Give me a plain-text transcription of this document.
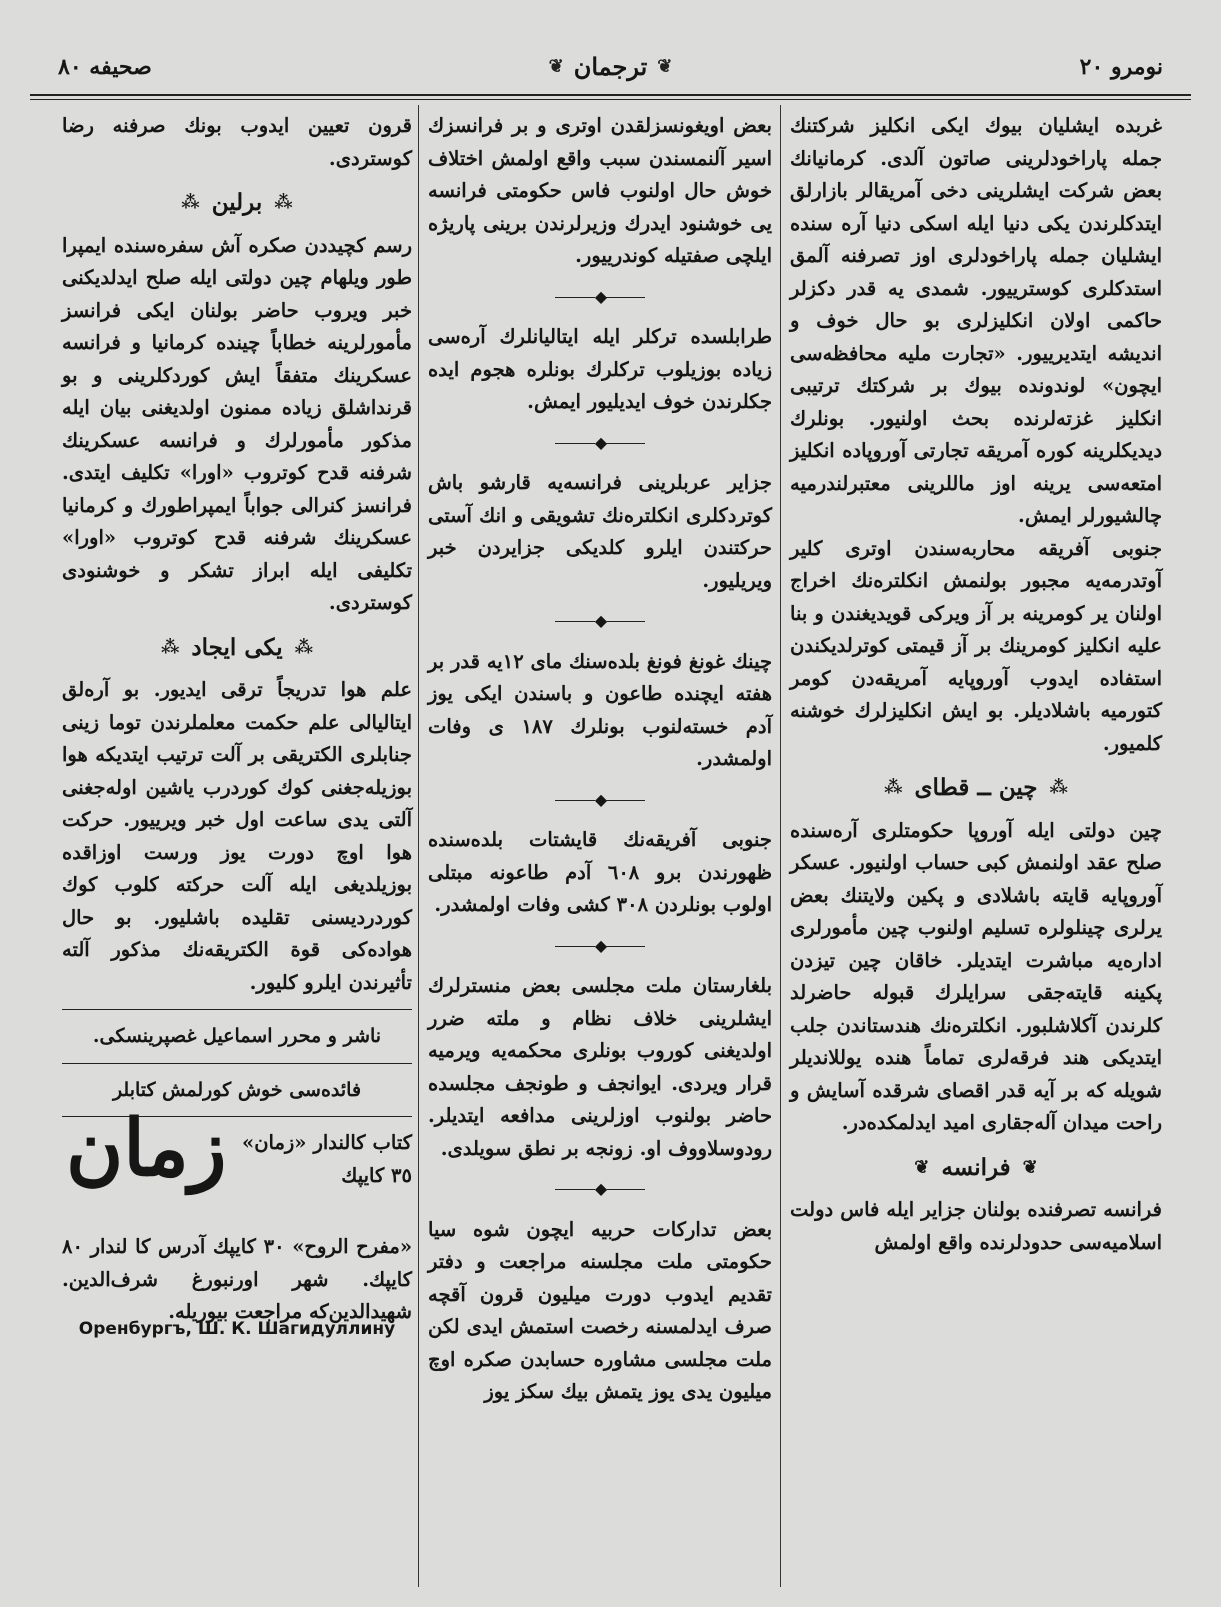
نومرو ٢٠
❦
ترجمان
❦
صحيفه ٨٠

غربده ايشليان بيوك ايكى انكليز شركتنك جمله پاراخودلرينى صاتون آلدى. كرمانيانك بعض شركت ايشلرينى دخى آمريقالر بازارلق ايتدكلرندن يكى دنيا ايله اسكى دنيا آره سنده ايشليان جمله پاراخودلرى اوز تصرفنه آلمق استدكلرى كوسترييور. شمدى يه قدر دكزلر حاكمى اولان انكليزلرى بو حال خوف و انديشه ايتديرييور. «تجارت مليه محافظه‌سى ايچون» لوندونده بيوك بر شركتك ترتيبى انكليز غزته‌لرنده بحث اولنيور. بونلرك ديديكلرينه كوره آمريقه تجارتى آوروپاده انكليز امتعه‌سى يرينه اوز ماللرينى معتبرلندرميه چالشيورلر ايمش.

جنوبى آفريقه محاربه‌سندن اوترى كلير آوتدرمه‌يه مجبور بولنمش انكلتره‌نك اخراج اولنان ير كومرينه بر آز ويركى قويديغندن و بنا عليه انكليز كومرينك بر آز قيمتى كوترلديكندن استفاده ايدوب آوروپايه آمريقه‌دن كومر كتورميه باشلاديلر. بو ايش انكليزلرك خوشنه كلميور.

⁂
چين ــ قطاى
⁂

چين دولتى ايله آوروپا حكومتلرى آره‌سنده صلح عقد اولنمش كبى حساب اولنيور. عسكر آوروپايه قايته باشلادى و پكين ولايتنك بعض يرلرى چينلولره تسليم اولنوب چين مأمورلرى اداره‌يه مباشرت ايتديلر. خاقان چين تيزدن پكينه قايته‌جقى سرايلرك قبوله حاضرلد كلرندن آكلاشلبور. انكلتره‌نك هندستاندن جلب ايتديكى هند فرقه‌لرى تماماً هنده يوللانديلر شويله كه بر آيه قدر اقصاى شرقده آسايش و راحت ميدان آله‌جقارى اميد ايدلمكده‌در.

❦
فرانسه
❦

فرانسه تصرفنده بولنان جزاير ايله فاس دولت اسلاميه‌سى حدودلرنده واقع اولمش

بعض اويغونسزلقدن اوترى و بر فرانسزك اسير آلنمسندن سبب واقع اولمش اختلاف خوش حال اولنوب فاس حكومتى فرانسه يى خوشنود ايدرك وزيرلرندن برينى پاريژه ايلچى صفتيله كوندرييور.

◆

طرابلسده تركلر ايله ايتاليانلرك آره‌سى زياده بوزيلوب تركلرك بونلره هجوم ايده جكلرندن خوف ايديليور ايمش.

◆

جزاير عربلرينى فرانسه‌يه قارشو باش كوتردكلرى انكلتره‌نك تشويقى و انك آستى حركتندن ايلرو كلديكى جزايردن خبر ويريليور.

◆

چينك غونغ فونغ بلده‌سنك ماى ١٢يه قدر بر هفته ايچنده طاعون و باسندن ايكى يوز آدم خسته‌لنوب بونلرك ١٨٧ ى وفات اولمشدر.

◆

جنوبى آفريقه‌نك قايشتات بلده‌سنده ظهورندن برو ٦٠٨ آدم طاعونه مبتلى اولوب بونلردن ٣٠٨ كشى وفات اولمشدر.

◆

بلغارستان ملت مجلسى بعض منسترلرك ايشلرينى خلاف نظام و ملته ضرر اولديغنى كوروب بونلرى محكمه‌يه ويرميه قرار ويردى. ايوانجف و طونجف مجلسده حاضر بولنوب اوزلرينى مدافعه ايتديلر. رودوسلاووف او. زونجه بر نطق سويلدى.

◆

بعض تداركات حربيه ايچون شوه سيا حكومتى ملت مجلسنه مراجعت و دفتر تقديم ايدوب دورت ميليون قرون آقچه صرف ايدلمسنه رخصت استمش ايدى لكن ملت مجلسى مشاوره حسابدن صكره اوچ ميليون يدى يوز يتمش بيك سكز يوز

قرون تعيين ايدوب بونك صرفنه رضا كوستردى.

⁂
برلين
⁂

رسم كچيددن صكره آش سفره‌سنده ايمپرا طور ويلهام چين دولتى ايله صلح ايدلديكنى خبر ويروب حاضر بولنان ايكى فرانسز مأمورلرينه خطاباً چينده كرمانيا و فرانسه عسكرينك متفقاً ايش كوردكلرينى و بو قرنداشلق زياده ممنون اولديغنى بيان ايله مذكور مأمورلرك و فرانسه عسكرينك شرفنه قدح كوتروب «اورا» تكليف ايتدى. فرانسز كنرالى جواباً ايمپراطورك و كرمانيا عسكرينك شرفنه قدح كوتروب «اورا» تكليفى ايله ابراز تشكر و خوشنودى كوستردى.

⁂
يكى ايجاد
⁂

علم هوا تدريجاً ترقى ايديور. بو آره‌لق ايتاليالى علم حكمت معلملرندن توما زينى جنابلرى الكتريقى بر آلت ترتيب ايتديكه هوا بوزيله‌جغنى كوك كوردرب ياشين اوله‌جغنى آلتى يدى ساعت اول خبر ويرييور. حركت هوا اوچ دورت يوز ورست اوزاقده بوزيلديغى ايله آلت حركته كلوب كوك كوردرديسنى تقليده باشليور. بو حال هواده‌كى قوة الكتريقه‌نك مذكور آلته تأثيرندن ايلرو كليور.

ناشر و محرر اسماعيل غصپرينسكى.

فائده‌سى خوش كورلمش كتابلر

زمان كتاب كالندار «زمان» ٣٥ كايپك

«مفرح الروح» ٣٠ كايپك آدرس كا لندار ٨٠ كايپك. شهر اورنبورغ شرف‌الدين. شهيدالدين‌كه مراجعت بيوريله.

Оренбургъ, Ш. К. Шагидуллину
